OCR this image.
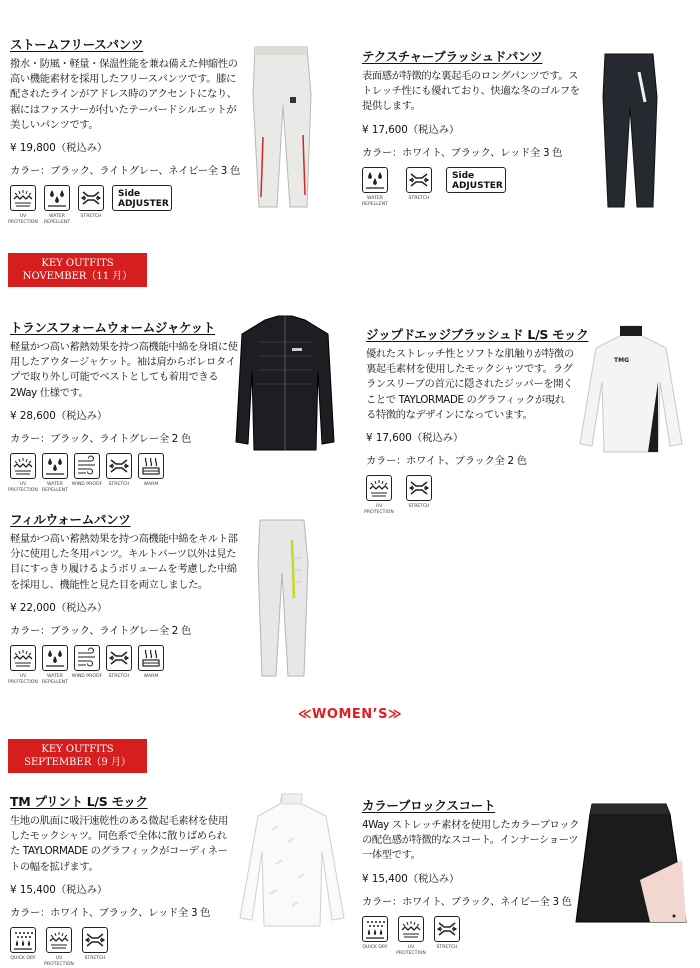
ストームフリースパンツ
撥水・防風・軽量・保温性能を兼ね備えた伸縮性の高い機能素材を採用したフリースパンツです。膝に配されたラインがアドレス時のアクセントになり、裾にはファスナーが付いたテーパードシルエットが美しいパンツです。
¥ 19,800（税込み）
カラー：ブラック、ライトグレー、ネイビー全 3 色
UV
PROTECTION
WATER
REPELLENT
STRETCH
Side
ADJUSTER
テクスチャーブラッシュドパンツ
表面感が特徴的な裏起毛のロングパンツです。ストレッチ性にも優れており、快適な冬のゴルフを提供します。
¥ 17,600（税込み）
カラー：ホワイト、ブラック、レッド全 3 色
WATER
REPELLENT
STRETCH
Side
ADJUSTER
KEY OUTFITS
NOVEMBER（11 月）
トランスフォームウォームジャケット
軽量かつ高い蓄熱効果を持つ高機能中綿を身頃に使用したアウタージャケット。袖は肩からボレロタイプで取り外し可能でベストとしても着用できる 2Way 仕様です。
¥ 28,600（税込み）
カラー：ブラック、ライトグレー全 2 色
UV
PROTECTION
WATER
REPELLENT
WIND PROOF STRETCH	WARM
ジップドエッジブラッシュド L/S モック
優れたストレッチ性とソフトな肌触りが特徴の裏起毛素材を使用したモックシャツです。ラグランスリーブの首元に隠されたジッパーを開くことで TAYLORMADE のグラフィックが現れる特徴的なデザインになっています。
¥ 17,600（税込み）
カラー：ホワイト、ブラック全 2 色
UV
PROTECTION
STRETCH
TMG
フィルウォームパンツ
軽量かつ高い蓄熱効果を持つ高機能中綿をキルト部分に使用した冬用パンツ。キルトパーツ以外は見た目にすっきり履けるようボリュームを考慮した中綿を採用し、機能性と見た目を両立しました。
¥ 22,000（税込み）
カラー：ブラック、ライトグレー全 2 色
UV
PROTECTION
WATER
REPELLENT
WIND PROOF STRETCH	WARM
≪WOMEN’S≫
KEY OUTFITS
SEPTEMBER（9 月）
TM プリント L/S モック
生地の肌面に吸汗速乾性のある微起毛素材を使用したモックシャツ。同色系で全体に散りばめられた TAYLORMADE のグラフィックがコーディネートの幅を拡げます。
¥ 15,400（税込み）
カラー：ホワイト、ブラック、レッド全 3 色
QUICK DRY	UV
PROTECTION
STRETCH
カラーブロックスコート
4Way ストレッチ素材を使用したカラーブロックの配色感が特徴的なスコート。インナーショーツ一体型です。
¥ 15,400（税込み）
カラー：ホワイト、ブラック、ネイビー全 3 色
QUICK DRY	UV
PROTECTION
STRETCH
